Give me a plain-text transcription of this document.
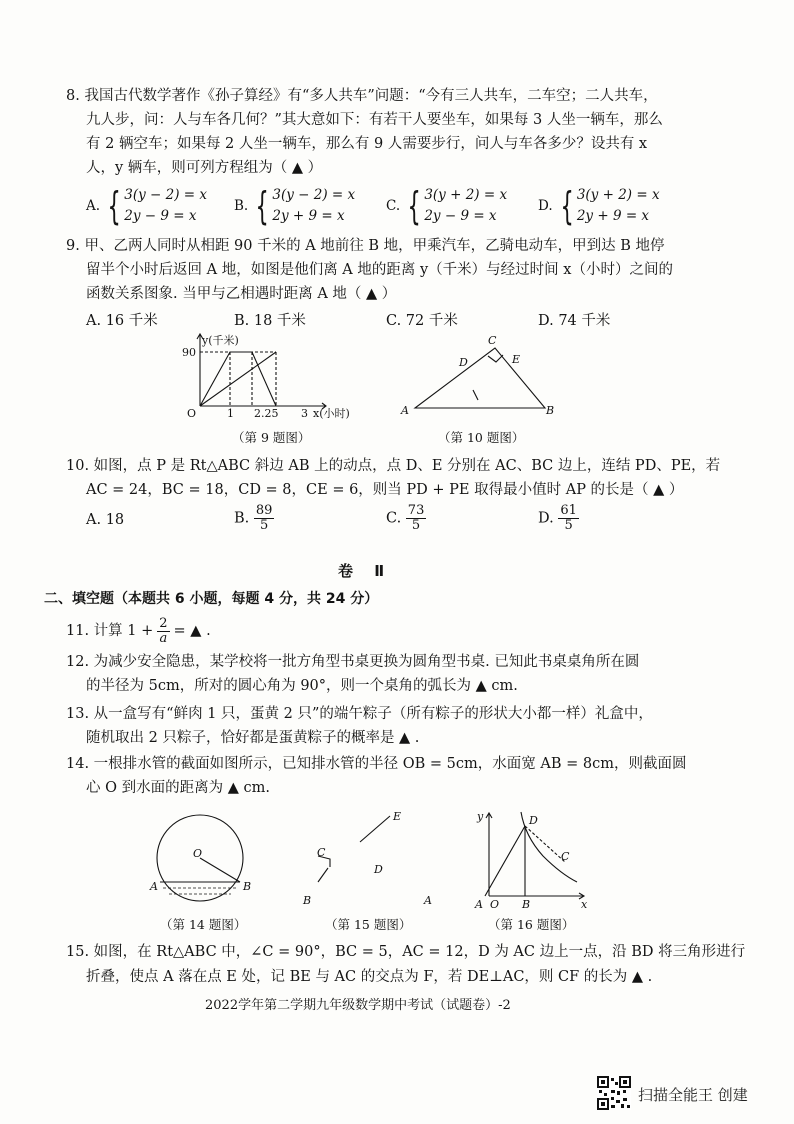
8. 我国古代数学著作《孙子算经》有“多人共车”问题：“今有三人共车，二车空；二人共车，
九人步，问：人与车各几何？”其大意如下：有若干人要坐车，如果每 3 人坐一辆车，那么
有 2 辆空车；如果每 2 人坐一辆车，那么有 9 人需要步行，问人与车各多少？设共有 x
人，y 辆车，则可列方程组为（ ▲ ）
A. { 3(y − 2) = x
2y − 9 = x
B. { 3(y − 2) = x
2y + 9 = x
C. { 3(y + 2) = x
2y − 9 = x
D. { 3(y + 2) = x
2y + 9 = x
9. 甲、乙两人同时从相距 90 千米的 A 地前往 B 地，甲乘汽车，乙骑电动车，甲到达 B 地停
留半个小时后返回 A 地，如图是他们离 A 地的距离 y（千米）与经过时间 x（小时）之间的
函数关系图象. 当甲与乙相遇时距离 A 地（ ▲ ）
A. 16 千米	B. 18 千米	C. 72 千米	D. 74 千米
y(千米)
90
O	1 2.25 3 x(小时)
（第 9 题图）
A	B
C
D	E
（第 10 题图）
10. 如图，点 P 是 Rt△ABC 斜边 AB 上的动点，点 D、E 分别在 AC、BC 边上，连结 PD、PE，若
AC = 24，BC = 18，CD = 8，CE = 6，则当 PD + PE 取得最小值时 AP 的长是（ ▲ ）
A. 18	B. $\frac{89}{5}$	C. $\frac{73}{5}$	D. $\frac{61}{5}$
卷 Ⅱ
二、填空题（本题共 6 小题，每题 4 分，共 24 分）
11. 计算 $1 + \frac{2}{a}$ = ▲ .
12. 为减少安全隐患，某学校将一批方角型书桌更换为圆角型书桌. 已知此书桌桌角所在圆
的半径为 5cm，所对的圆心角为 90°，则一个桌角的弧长为 ▲ cm.
13. 从一盒写有“鲜肉 1 只，蛋黄 2 只”的端午粽子（所有粽子的形状大小都一样）礼盒中，
随机取出 2 只粽子，恰好都是蛋黄粽子的概率是 ▲ .
14. 一根排水管的截面如图所示，已知排水管的半径 OB = 5cm，水面宽 AB = 8cm，则截面圆
心 O 到水面的距离为 ▲ cm.
O
A	B
（第 14 题图）
E
C
D
B	A
（第 15 题图）
y	D
C
A O B	x
（第 16 题图）
15. 如图，在 Rt△ABC 中，∠C = 90°，BC = 5，AC = 12，D 为 AC 边上一点，沿 BD 将三角形进行
折叠，使点 A 落在点 E 处，记 BE 与 AC 的交点为 F，若 DE⊥AC，则 CF 的长为 ▲ .
2022学年第二学期九年级数学期中考试（试题卷）-2
扫描全能王 创建
